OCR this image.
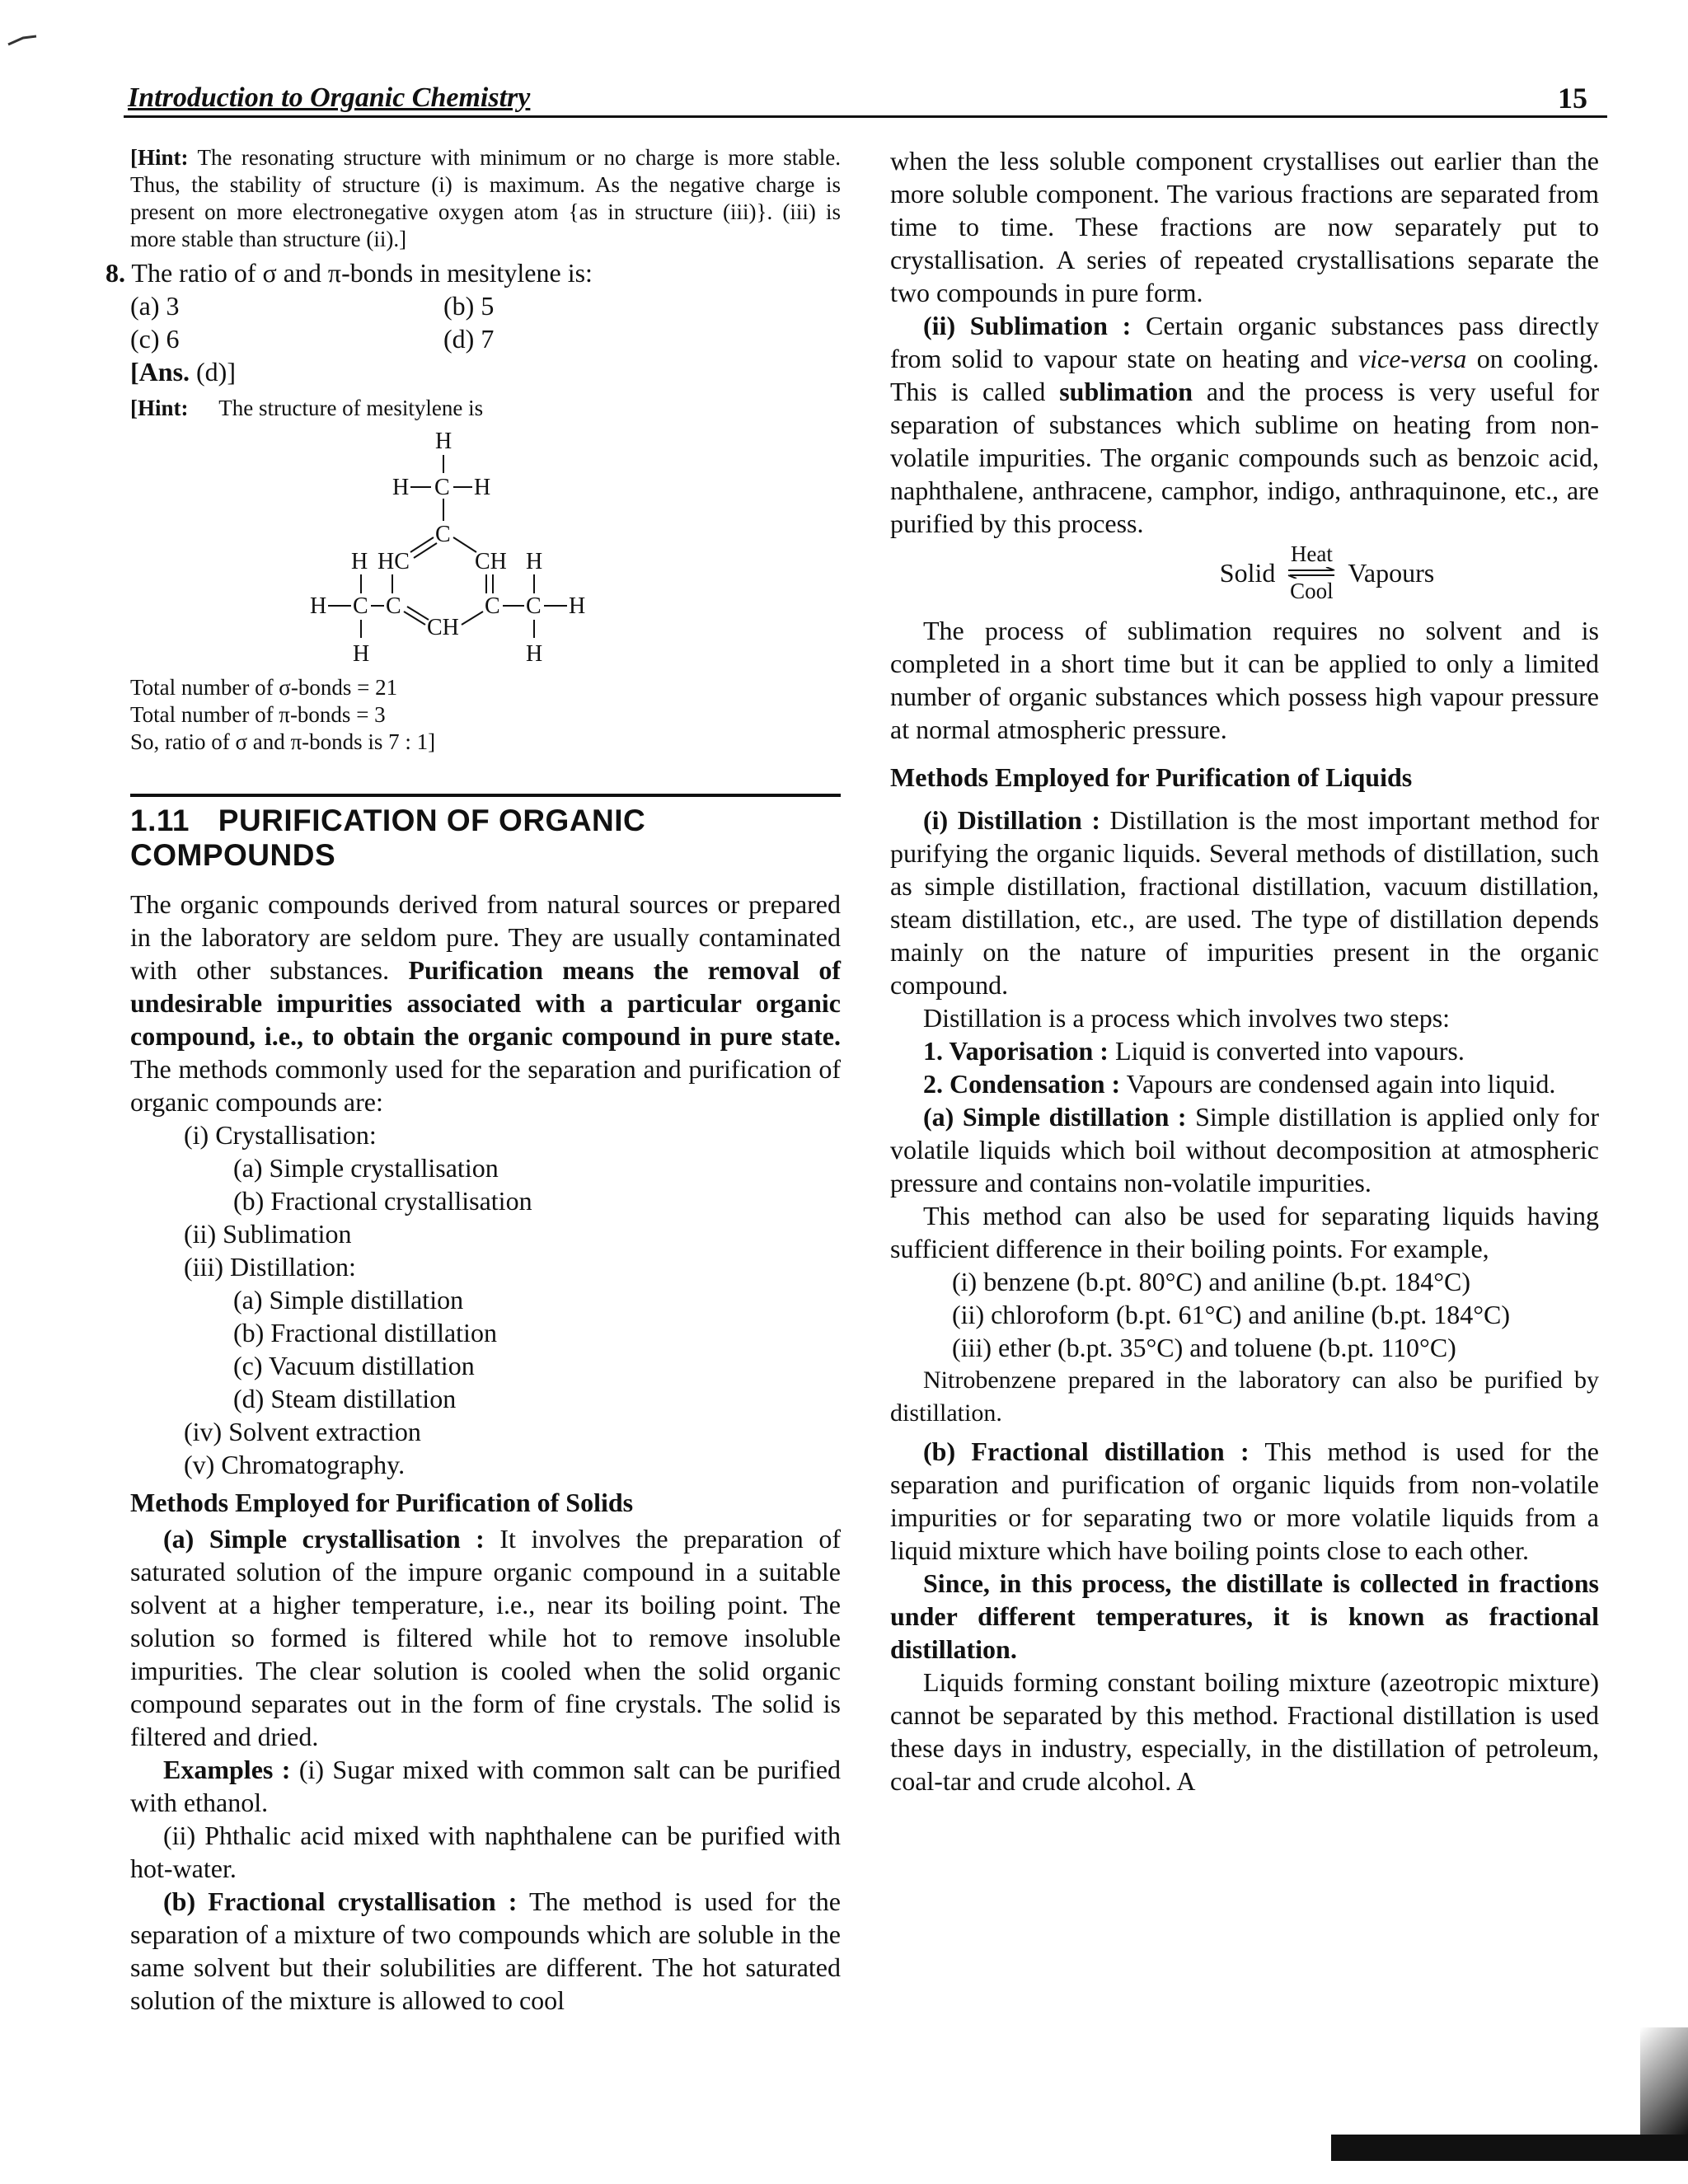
Introduction to Organic Chemistry	15

[Hint: The resonating structure with minimum or no charge is more stable. Thus, the stability of structure (i) is maximum. As the negative charge is present on more electronegative oxygen atom {as in structure (iii)}. (iii) is more stable than structure (ii).]

8. The ratio of σ and π-bonds in mesitylene is:

(a) 3	(b) 5
(c) 6	(d) 7

[Ans. (d)]

[Hint: The structure of mesitylene is

H
H C H
C
H HC	CH H
H C C	C C H
CH
H	H

Total number of σ-bonds = 21

Total number of π-bonds = 3

So, ratio of σ and π-bonds is 7 : 1]

1.11 PURIFICATION OF ORGANIC COMPOUNDS

The organic compounds derived from natural sources or prepared in the laboratory are seldom pure. They are usually contaminated with other substances. Purification means the removal of undesirable impurities associated with a particular organic compound, i.e., to obtain the organic compound in pure state. The methods commonly used for the separation and purification of organic compounds are:

(i) Crystallisation:
(a) Simple crystallisation
(b) Fractional crystallisation
(ii) Sublimation
(iii) Distillation:
(a) Simple distillation
(b) Fractional distillation
(c) Vacuum distillation
(d) Steam distillation
(iv) Solvent extraction
(v) Chromatography.

Methods Employed for Purification of Solids

(a) Simple crystallisation : It involves the preparation of saturated solution of the impure organic compound in a suitable solvent at a higher temperature, i.e., near its boiling point. The solution so formed is filtered while hot to remove insoluble impurities. The clear solution is cooled when the solid organic compound separates out in the form of fine crystals. The solid is filtered and dried.

Examples : (i) Sugar mixed with common salt can be purified with ethanol.

(ii) Phthalic acid mixed with naphthalene can be purified with hot-water.

(b) Fractional crystallisation : The method is used for the separation of a mixture of two compounds which are soluble in the same solvent but their solubilities are different. The hot saturated solution of the mixture is allowed to cool

when the less soluble component crystallises out earlier than the more soluble component. The various fractions are separated from time to time. These fractions are now separately put to crystallisation. A series of repeated crystallisations separate the two compounds in pure form.

(ii) Sublimation : Certain organic substances pass directly from solid to vapour state on heating and vice-versa on cooling. This is called sublimation and the process is very useful for separation of substances which sublime on heating from non-volatile impurities. The organic compounds such as benzoic acid, naphthalene, anthracene, camphor, indigo, anthraquinone, etc., are purified by this process.

Solid
Heat
Cool
Vapours

The process of sublimation requires no solvent and is completed in a short time but it can be applied to only a limited number of organic substances which possess high vapour pressure at normal atmospheric pressure.

Methods Employed for Purification of Liquids

(i) Distillation : Distillation is the most important method for purifying the organic liquids. Several methods of distillation, such as simple distillation, fractional distillation, vacuum distillation, steam distillation, etc., are used. The type of distillation depends mainly on the nature of impurities present in the organic compound.

Distillation is a process which involves two steps:

1. Vaporisation : Liquid is converted into vapours.

2. Condensation : Vapours are condensed again into liquid.

(a) Simple distillation : Simple distillation is applied only for volatile liquids which boil without decomposition at atmospheric pressure and contains non-volatile impurities.

This method can also be used for separating liquids having sufficient difference in their boiling points. For example,

(i) benzene (b.pt. 80°C) and aniline (b.pt. 184°C)
(ii) chloroform (b.pt. 61°C) and aniline (b.pt. 184°C)
(iii) ether (b.pt. 35°C) and toluene (b.pt. 110°C)

Nitrobenzene prepared in the laboratory can also be purified by distillation.

(b) Fractional distillation : This method is used for the separation and purification of organic liquids from non-volatile impurities or for separating two or more volatile liquids from a liquid mixture which have boiling points close to each other.

Since, in this process, the distillate is collected in fractions under different temperatures, it is known as fractional distillation.

Liquids forming constant boiling mixture (azeotropic mixture) cannot be separated by this method. Fractional distillation is used these days in industry, especially, in the distillation of petroleum, coal-tar and crude alcohol. A
